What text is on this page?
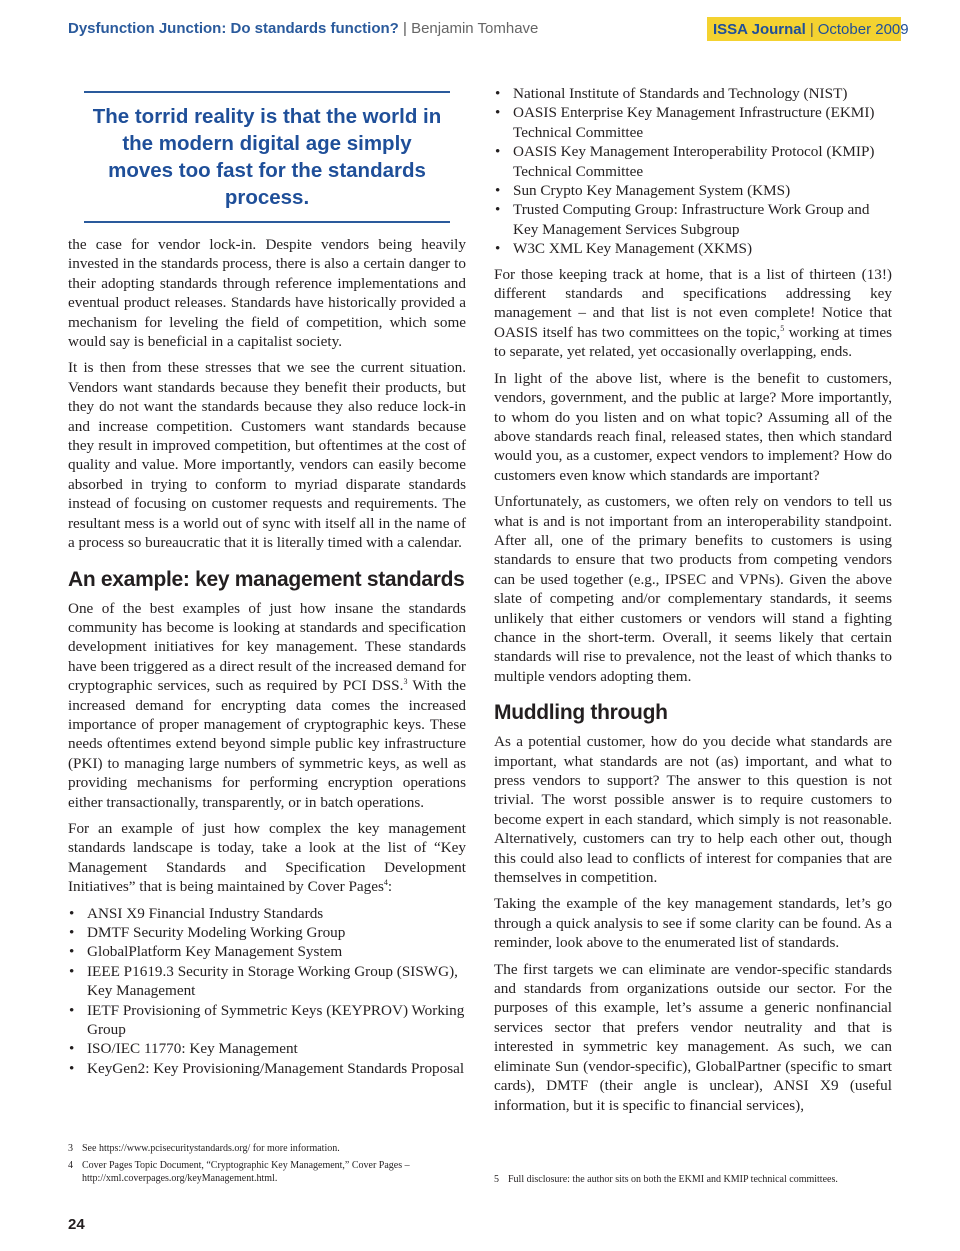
Dysfunction Junction: Do standards function? | Benjamin Tomhave	ISSA Journal | October 2009
The torrid reality is that the world in the modern digital age simply moves too fast for the standards process.

the case for vendor lock-in. Despite vendors being heavily invested in the standards process, there is also a certain danger to their adopting standards through reference implementations and eventual product releases. Standards have historically provided a mechanism for leveling the field of competition, which some would say is beneficial in a capitalist society.

It is then from these stresses that we see the current situation. Vendors want standards because they benefit their products, but they do not want the standards because they also reduce lock-in and increase competition. Customers want standards because they result in improved competition, but oftentimes at the cost of quality and value. More importantly, vendors can easily become absorbed in trying to conform to myriad disparate standards instead of focusing on customer requests and requirements. The resultant mess is a world out of sync with itself all in the name of a process so bureaucratic that it is literally timed with a calendar.

An example: key management standards

One of the best examples of just how insane the standards community has become is looking at standards and specification development initiatives for key management. These standards have been triggered as a direct result of the increased demand for cryptographic services, such as required by PCI DSS.$^3$ With the increased demand for encrypting data comes the increased importance of proper management of cryptographic keys. These needs oftentimes extend beyond simple public key infrastructure (PKI) to managing large numbers of symmetric keys, as well as providing mechanisms for performing encryption operations either transactionally, transparently, or in batch operations.

For an example of just how complex the key management standards landscape is today, take a look at the list of “Key Management Standards and Specification Development Initiatives” that is being maintained by Cover Pages$^4$:

• ANSI X9 Financial Industry Standards
• DMTF Security Modeling Working Group
• GlobalPlatform Key Management System
• IEEE P1619.3 Security in Storage Working Group (SISWG), Key Management
• IETF Provisioning of Symmetric Keys (KEYPROV) Working Group
• ISO/IEC 11770: Key Management
• KeyGen2: Key Provisioning/Management Standards Proposal
• National Institute of Standards and Technology (NIST)
• OASIS Enterprise Key Management Infrastructure (EKMI) Technical Committee
• OASIS Key Management Interoperability Protocol (KMIP) Technical Committee
• Sun Crypto Key Management System (KMS)
• Trusted Computing Group: Infrastructure Work Group and Key Management Services Subgroup
• W3C XML Key Management (XKMS)

For those keeping track at home, that is a list of thirteen (13!) different standards and specifications addressing key management – and that list is not even complete! Notice that OASIS itself has two committees on the topic,$^5$ working at times to separate, yet related, yet occasionally overlapping, ends.

In light of the above list, where is the benefit to customers, vendors, government, and the public at large? More importantly, to whom do you listen and on what topic? Assuming all of the above standards reach final, released states, then which standard would you, as a customer, expect vendors to implement? How do customers even know which standards are important?

Unfortunately, as customers, we often rely on vendors to tell us what is and is not important from an interoperability standpoint. After all, one of the primary benefits to customers is using standards to ensure that two products from competing vendors can be used together (e.g., IPSEC and VPNs). Given the above slate of competing and/or complementary standards, it seems unlikely that either customers or vendors will stand a fighting chance in the short-term. Overall, it seems likely that certain standards will rise to prevalence, not the least of which thanks to multiple vendors adopting them.

Muddling through

As a potential customer, how do you decide what standards are important, what standards are not (as) important, and what to press vendors to support? The answer to this question is not trivial. The worst possible answer is to require customers to become expert in each standard, which simply is not reasonable. Alternatively, customers can try to help each other out, though this could also lead to conflicts of interest for companies that are themselves in competition.

Taking the example of the key management standards, let’s go through a quick analysis to see if some clarity can be found. As a reminder, look above to the enumerated list of standards.

The first targets we can eliminate are vendor-specific standards and standards from organizations outside our sector. For the purposes of this example, let’s assume a generic nonfinancial services sector that prefers vendor neutrality and that is interested in symmetric key management. As such, we can eliminate Sun (vendor-specific), GlobalPartner (specific to smart cards), DMTF (their angle is unclear), ANSI X9 (useful information, but it is specific to financial services),

3 See https://www.pcisecuritystandards.org/ for more information.
4 Cover Pages Topic Document, “Cryptographic Key Management,” Cover Pages – http://xml.coverpages.org/keyManagement.html.	5 Full disclosure: the author sits on both the EKMI and KMIP technical committees.
24
